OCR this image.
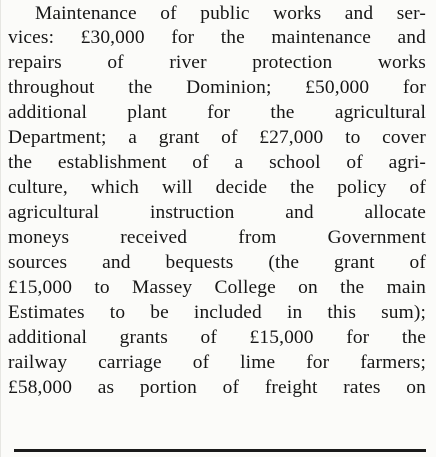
Maintenance of public works and ser-
vices: £30,000 for the maintenance and
repairs of river protection works
throughout the Dominion; £50,000 for
additional plant for the agricultural
Department; a grant of £27,000 to cover
the establishment of a school of agri-
culture, which will decide the policy of
agricultural instruction and allocate
moneys received from Government
sources and bequests (the grant of
£15,000 to Massey College on the main
Estimates to be included in this sum);
additional grants of £15,000 for the
railway carriage of lime for farmers;
£58,000 as portion of freight rates on
